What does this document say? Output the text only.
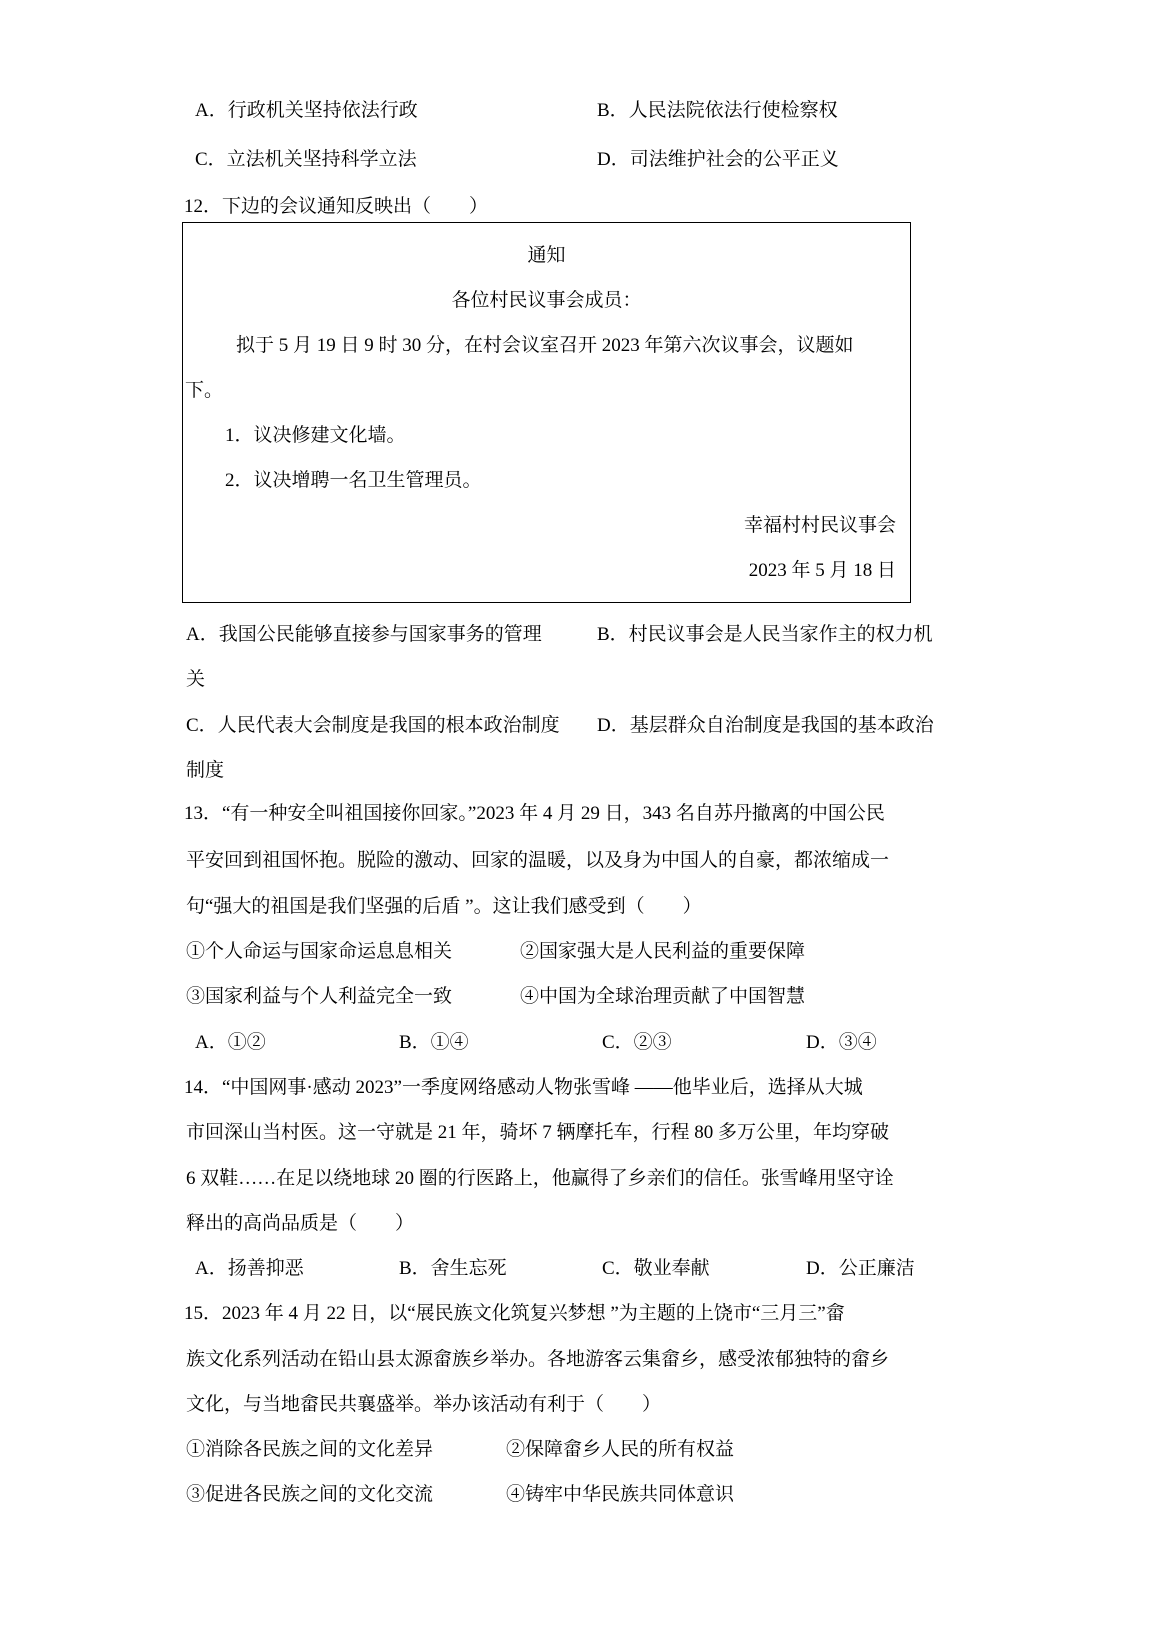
A．行政机关坚持依法行政	B．人民法院依法行使检察权
C．立法机关坚持科学立法	D．司法维护社会的公平正义
12．下边的会议通知反映出（　　）
通知
各位村民议事会成员：
拟于 5 月 19 日 9 时 30 分，在村会议室召开 2023 年第六次议事会，议题如
下。
1．议决修建文化墙。
2．议决增聘一名卫生管理员。
幸福村村民议事会
2023 年 5 月 18 日
A．我国公民能够直接参与国家事务的管理	B．村民议事会是人民当家作主的权力机
关
C．人民代表大会制度是我国的根本政治制度 D．基层群众自治制度是我国的基本政治
制度
13．“有一种安全叫祖国接你回家。”2023 年 4 月 29 日，343 名自苏丹撤离的中国公民
平安回到祖国怀抱。脱险的激动、回家的温暖，以及身为中国人的自豪，都浓缩成一
句“强大的祖国是我们坚强的后盾 ”。这让我们感受到（　　）
①个人命运与国家命运息息相关	②国家强大是人民利益的重要保障
③国家利益与个人利益完全一致	④中国为全球治理贡献了中国智慧
A．①②	B．①④	C．②③	D．③④
14．“中国网事·感动 2023”一季度网络感动人物张雪峰 ——他毕业后，选择从大城
市回深山当村医。这一守就是 21 年，骑坏 7 辆摩托车，行程 80 多万公里，年均穿破
6 双鞋……在足以绕地球 20 圈的行医路上，他赢得了乡亲们的信任。张雪峰用坚守诠
释出的高尚品质是（　　）
A．扬善抑恶	B．舍生忘死	C．敬业奉献	D．公正廉洁
15．2023 年 4 月 22 日，以“展民族文化筑复兴梦想 ”为主题的上饶市“三月三”畲
族文化系列活动在铅山县太源畲族乡举办。各地游客云集畲乡，感受浓郁独特的畲乡
文化，与当地畲民共襄盛举。举办该活动有利于（　　）
①消除各民族之间的文化差异	②保障畲乡人民的所有权益
③促进各民族之间的文化交流	④铸牢中华民族共同体意识
